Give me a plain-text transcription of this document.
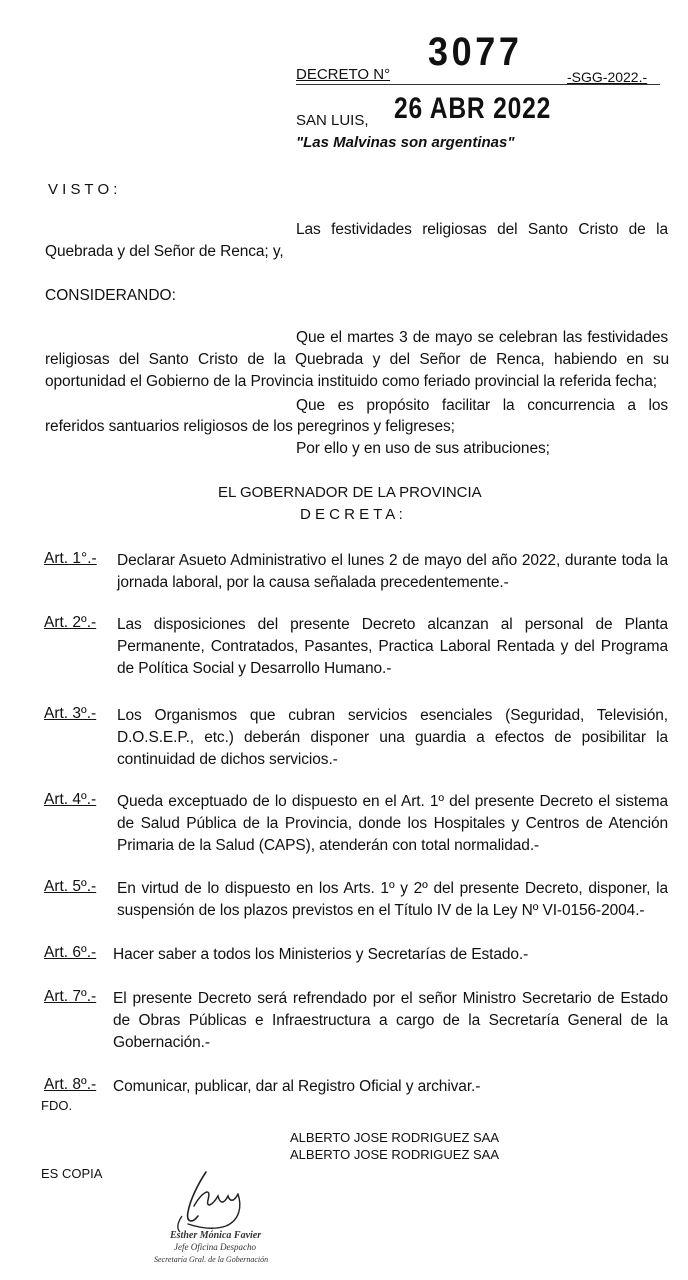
DECRETO N°
3077
-SGG-2022.-
SAN LUIS, 26 ABR 2022
"Las Malvinas son argentinas"
V I S T O :
Las festividades religiosas del Santo Cristo de la
Quebrada y del Señor de Renca; y,
CONSIDERANDO:
Que el martes 3 de mayo se celebran las festividades
religiosas del Santo Cristo de la Quebrada y del Señor de Renca, habiendo en su oportunidad el Gobierno de la Provincia instituido como feriado provincial la referida fecha;
Que es propósito facilitar la concurrencia a los
referidos santuarios religiosos de los peregrinos y feligreses;
Por ello y en uso de sus atribuciones;
EL GOBERNADOR DE LA PROVINCIA
D E C R E T A :
Art. 1°.- Declarar Asueto Administrativo el lunes 2 de mayo del año 2022, durante toda la jornada laboral, por la causa señalada precedentemente.-
Art. 2º.- Las disposiciones del presente Decreto alcanzan al personal de Planta Permanente, Contratados, Pasantes, Practica Laboral Rentada y del Programa de Política Social y Desarrollo Humano.-
Art. 3º.- Los Organismos que cubran servicios esenciales (Seguridad, Televisión, D.O.S.E.P., etc.) deberán disponer una guardia a efectos de posibilitar la continuidad de dichos servicios.-
Art. 4º.- Queda exceptuado de lo dispuesto en el Art. 1º del presente Decreto el sistema de Salud Pública de la Provincia, donde los Hospitales y Centros de Atención Primaria de la Salud (CAPS), atenderán con total normalidad.-
Art. 5º.- En virtud de lo dispuesto en los Arts. 1º y 2º del presente Decreto, disponer, la suspensión de los plazos previstos en el Título IV de la Ley Nº VI-0156-2004.-
Art. 6º.- Hacer saber a todos los Ministerios y Secretarías de Estado.-
Art. 7º.- El presente Decreto será refrendado por el señor Ministro Secretario de Estado de Obras Públicas e Infraestructura a cargo de la Secretaría General de la Gobernación.-
Art. 8º.- Comunicar, publicar, dar al Registro Oficial y archivar.-
FDO.
ALBERTO JOSE RODRIGUEZ SAA
ALBERTO JOSE RODRIGUEZ SAA
ES COPIA
Esther Mónica Favier
Jefe Oficina Despacho
Secretaría Gral. de la Gobernación
